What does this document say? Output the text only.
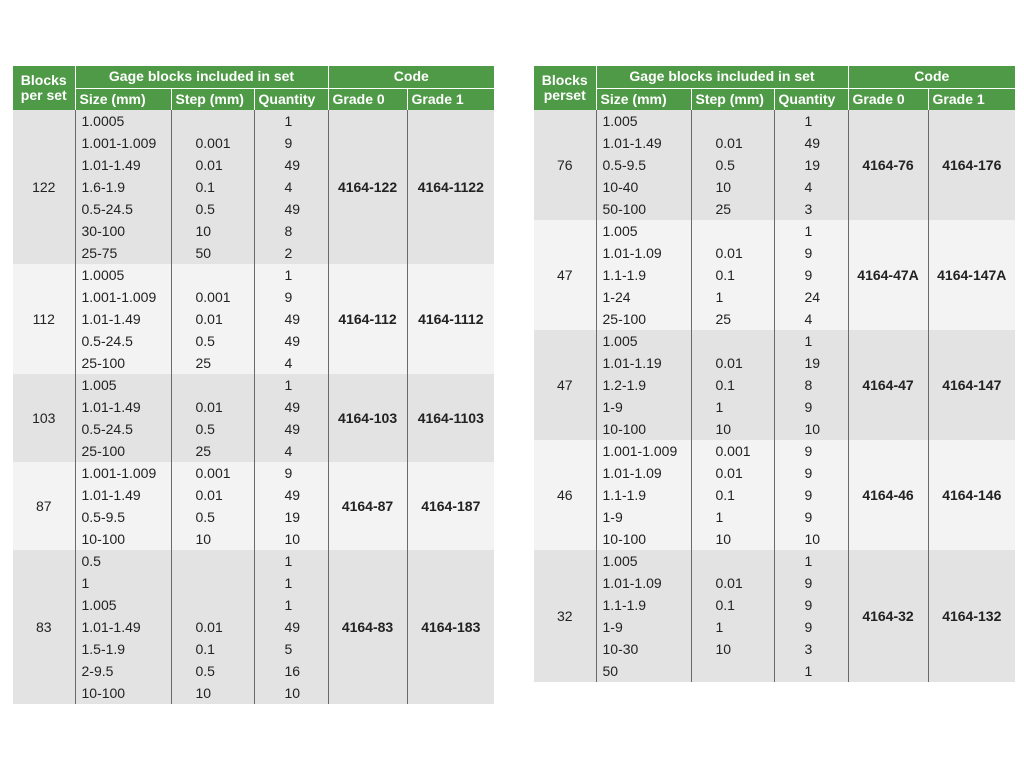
Blocks
per set	Gage blocks included in set			Code	
	Size (mm)	Step (mm)	Quantity	Grade 0	Grade 1
122	1.0005		1	4164-122	4164-1122
	1.001-1.009	0.001	9		
	1.01-1.49	0.01	49		
	1.6-1.9	0.1	4		
	0.5-24.5	0.5	49		
	30-100	10	8		
	25-75	50	2		
112	1.0005		1	4164-112	4164-1112
	1.001-1.009	0.001	9		
	1.01-1.49	0.01	49		
	0.5-24.5	0.5	49		
	25-100	25	4		
103	1.005		1	4164-103	4164-1103
	1.01-1.49	0.01	49		
	0.5-24.5	0.5	49		
	25-100	25	4		
87	1.001-1.009	0.001	9	4164-87	4164-187
	1.01-1.49	0.01	49		
	0.5-9.5	0.5	19		
	10-100	10	10		
83	0.5		1	4164-83	4164-183
	1		1		
	1.005		1		
	1.01-1.49	0.01	49		
	1.5-1.9	0.1	5		
	2-9.5	0.5	16		
	10-100	10	10		
Blocks
perset	Gage blocks included in set			Code	
	Size (mm)	Step (mm)	Quantity	Grade 0	Grade 1
76	1.005		1	4164-76	4164-176
	1.01-1.49	0.01	49		
	0.5-9.5	0.5	19		
	10-40	10	4		
	50-100	25	3		
47	1.005		1	4164-47A	4164-147A
	1.01-1.09	0.01	9		
	1.1-1.9	0.1	9		
	1-24	1	24		
	25-100	25	4		
47	1.005		1	4164-47	4164-147
	1.01-1.19	0.01	19		
	1.2-1.9	0.1	8		
	1-9	1	9		
	10-100	10	10		
46	1.001-1.009	0.001	9	4164-46	4164-146
	1.01-1.09	0.01	9		
	1.1-1.9	0.1	9		
	1-9	1	9		
	10-100	10	10		
32	1.005		1	4164-32	4164-132
	1.01-1.09	0.01	9		
	1.1-1.9	0.1	9		
	1-9	1	9		
	10-30	10	3		
	50		1		
